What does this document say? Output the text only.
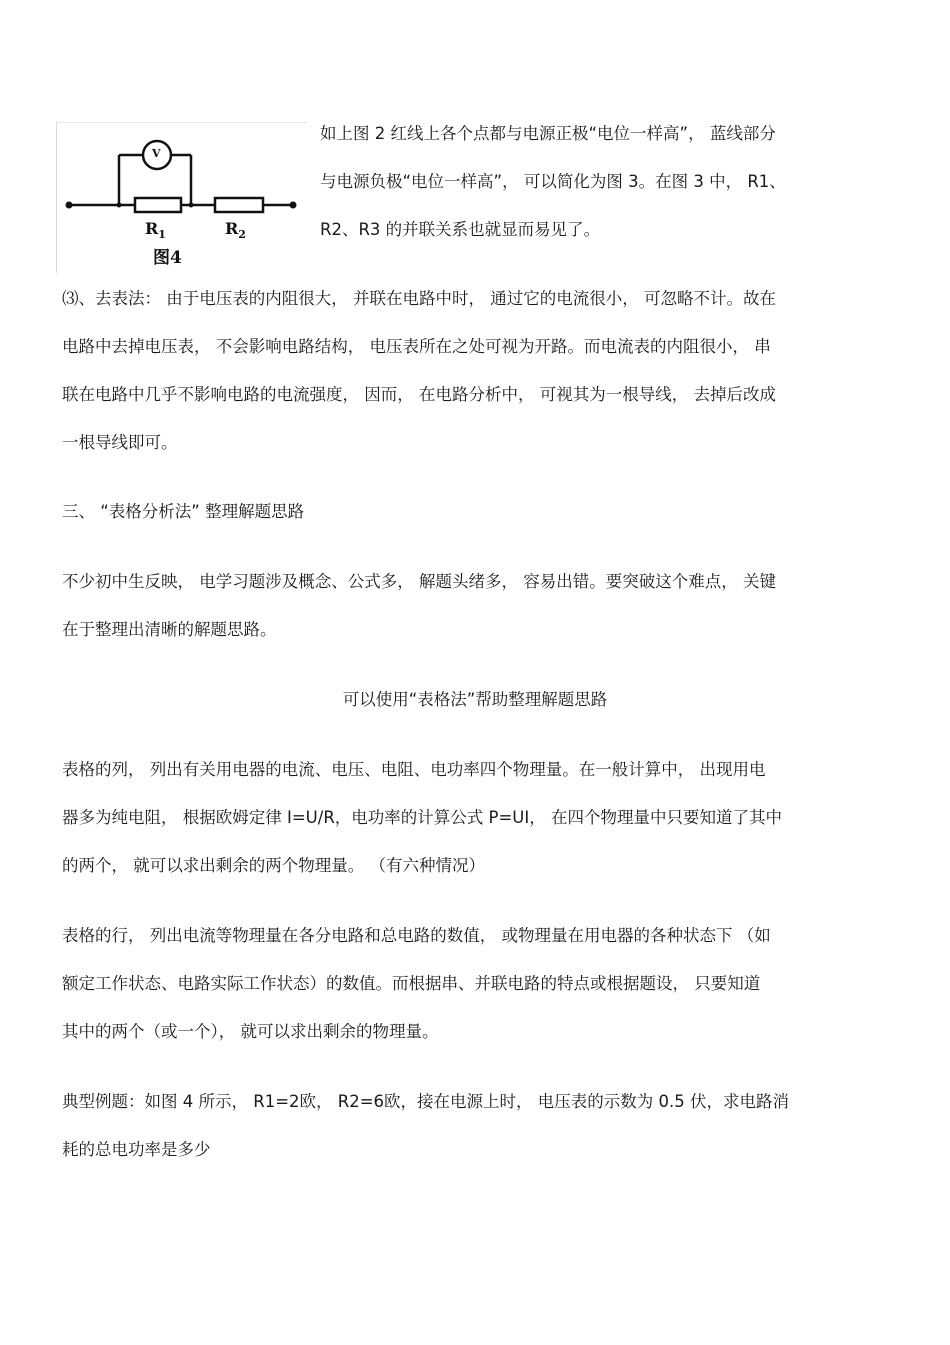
V
$R_1$	$R_2$
图4
如上图 2 红线上各个点都与电源正极“电位一样高”， 蓝线部分
与电源负极“电位一样高”， 可以简化为图 3。在图 3 中， R1、
R2、R3 的并联关系也就显而易见了。
⑶、去表法： 由于电压表的内阻很大， 并联在电路中时， 通过它的电流很小， 可忽略不计。故在
电路中去掉电压表， 不会影响电路结构， 电压表所在之处可视为开路。而电流表的内阻很小， 串
联在电路中几乎不影响电路的电流强度， 因而， 在电路分析中， 可视其为一根导线， 去掉后改成
一根导线即可。
三、 “表格分析法” 整理解题思路
不少初中生反映， 电学习题涉及概念、公式多， 解题头绪多， 容易出错。要突破这个难点， 关键
在于整理出清晰的解题思路。
可以使用“表格法”帮助整理解题思路
表格的列， 列出有关用电器的电流、电压、电阻、电功率四个物理量。在一般计算中， 出现用电
器多为纯电阻， 根据欧姆定律 I=U/R，电功率的计算公式 P=UI， 在四个物理量中只要知道了其中
的两个， 就可以求出剩余的两个物理量。 （有六种情况）
表格的行， 列出电流等物理量在各分电路和总电路的数值， 或物理量在用电器的各种状态下 （如
额定工作状态、电路实际工作状态）的数值。而根据串、并联电路的特点或根据题设， 只要知道
其中的两个（或一个）， 就可以求出剩余的物理量。
典型例题：如图 4 所示， R1=2欧， R2=6欧，接在电源上时， 电压表的示数为 0.5 伏，求电路消
耗的总电功率是多少
